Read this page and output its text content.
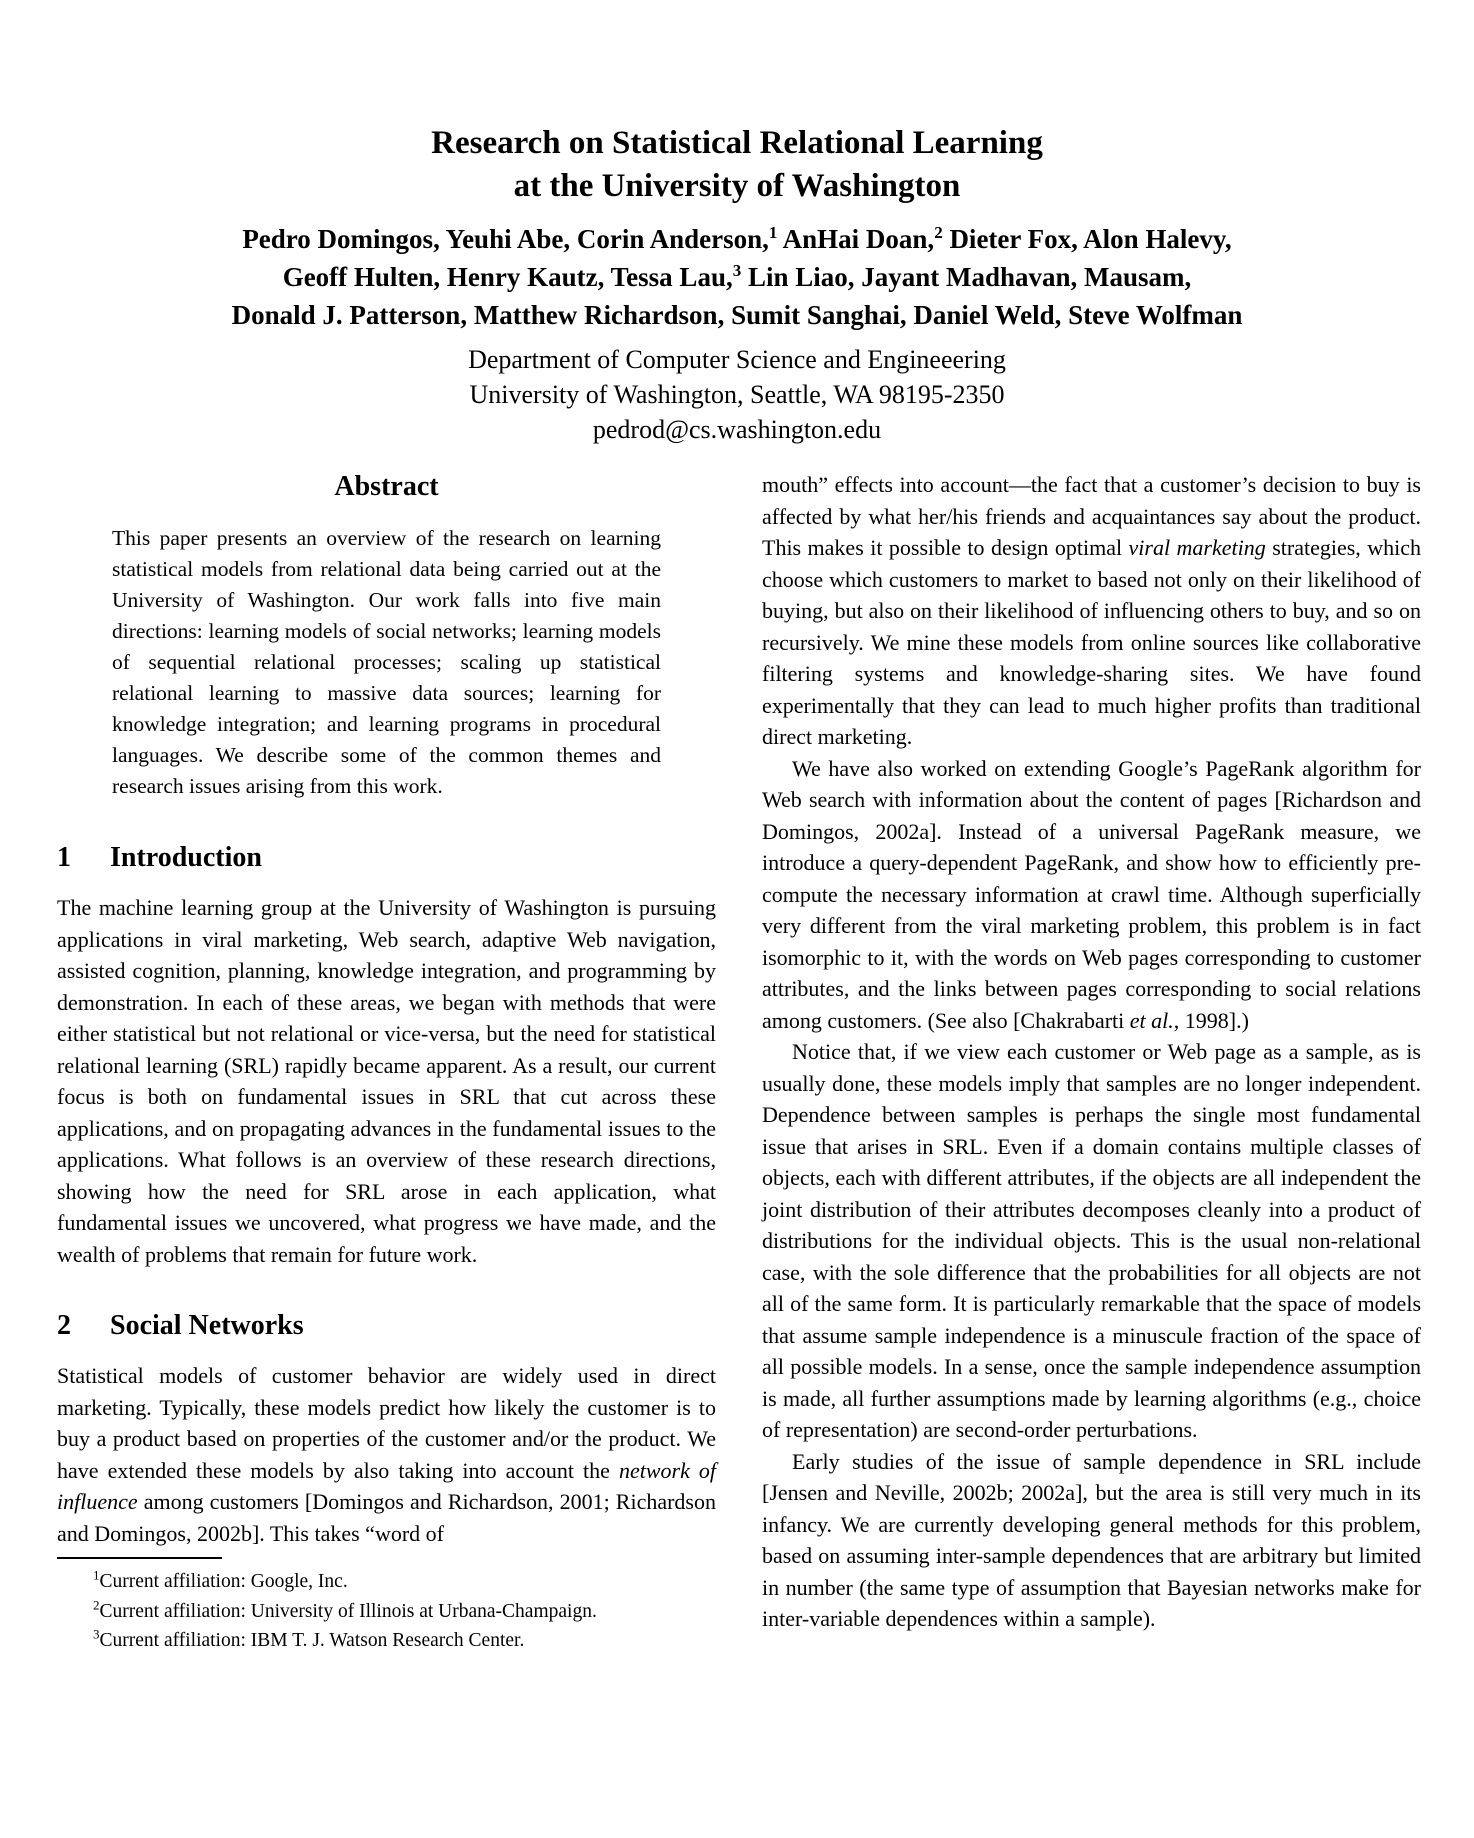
Research on Statistical Relational Learning
at the University of Washington
Pedro Domingos, Yeuhi Abe, Corin Anderson,$^1$ AnHai Doan,$^2$ Dieter Fox, Alon Halevy,
Geoff Hulten, Henry Kautz, Tessa Lau,$^3$ Lin Liao, Jayant Madhavan, Mausam,
Donald J. Patterson, Matthew Richardson, Sumit Sanghai, Daniel Weld, Steve Wolfman
Department of Computer Science and Engineeering
University of Washington, Seattle, WA 98195-2350
pedrod@cs.washington.edu
Abstract

This paper presents an overview of the research on learning statistical models from relational data being carried out at the University of Washington. Our work falls into five main directions: learning models of social networks; learning models of sequential relational processes; scaling up statistical relational learning to massive data sources; learning for knowledge integration; and learning programs in procedural languages. We describe some of the common themes and research issues arising from this work.

1 Introduction

The machine learning group at the University of Washington is pursuing applications in viral marketing, Web search, adaptive Web navigation, assisted cognition, planning, knowledge integration, and programming by demonstration. In each of these areas, we began with methods that were either statistical but not relational or vice-versa, but the need for statistical relational learning (SRL) rapidly became apparent. As a result, our current focus is both on fundamental issues in SRL that cut across these applications, and on propagating advances in the fundamental issues to the applications. What follows is an overview of these research directions, showing how the need for SRL arose in each application, what fundamental issues we uncovered, what progress we have made, and the wealth of problems that remain for future work.

2 Social Networks

Statistical models of customer behavior are widely used in direct marketing. Typically, these models predict how likely the customer is to buy a product based on properties of the customer and/or the product. We have extended these models by also taking into account the network of influence among customers [Domingos and Richardson, 2001; Richardson and Domingos, 2002b]. This takes “word of

$^1$Current affiliation: Google, Inc.
$^2$Current affiliation: University of Illinois at Urbana-Champaign.
$^3$Current affiliation: IBM T. J. Watson Research Center.

mouth” effects into account—the fact that a customer’s decision to buy is affected by what her/his friends and acquaintances say about the product. This makes it possible to design optimal viral marketing strategies, which choose which customers to market to based not only on their likelihood of buying, but also on their likelihood of influencing others to buy, and so on recursively. We mine these models from online sources like collaborative filtering systems and knowledge-sharing sites. We have found experimentally that they can lead to much higher profits than traditional direct marketing.

We have also worked on extending Google’s PageRank algorithm for Web search with information about the content of pages [Richardson and Domingos, 2002a]. Instead of a universal PageRank measure, we introduce a query-dependent PageRank, and show how to efficiently pre-compute the necessary information at crawl time. Although superficially very different from the viral marketing problem, this problem is in fact isomorphic to it, with the words on Web pages corresponding to customer attributes, and the links between pages corresponding to social relations among customers. (See also [Chakrabarti et al., 1998].)

Notice that, if we view each customer or Web page as a sample, as is usually done, these models imply that samples are no longer independent. Dependence between samples is perhaps the single most fundamental issue that arises in SRL. Even if a domain contains multiple classes of objects, each with different attributes, if the objects are all independent the joint distribution of their attributes decomposes cleanly into a product of distributions for the individual objects. This is the usual non-relational case, with the sole difference that the probabilities for all objects are not all of the same form. It is particularly remarkable that the space of models that assume sample independence is a minuscule fraction of the space of all possible models. In a sense, once the sample independence assumption is made, all further assumptions made by learning algorithms (e.g., choice of representation) are second-order perturbations.

Early studies of the issue of sample dependence in SRL include [Jensen and Neville, 2002b; 2002a], but the area is still very much in its infancy. We are currently developing general methods for this problem, based on assuming inter-sample dependences that are arbitrary but limited in number (the same type of assumption that Bayesian networks make for inter-variable dependences within a sample).
